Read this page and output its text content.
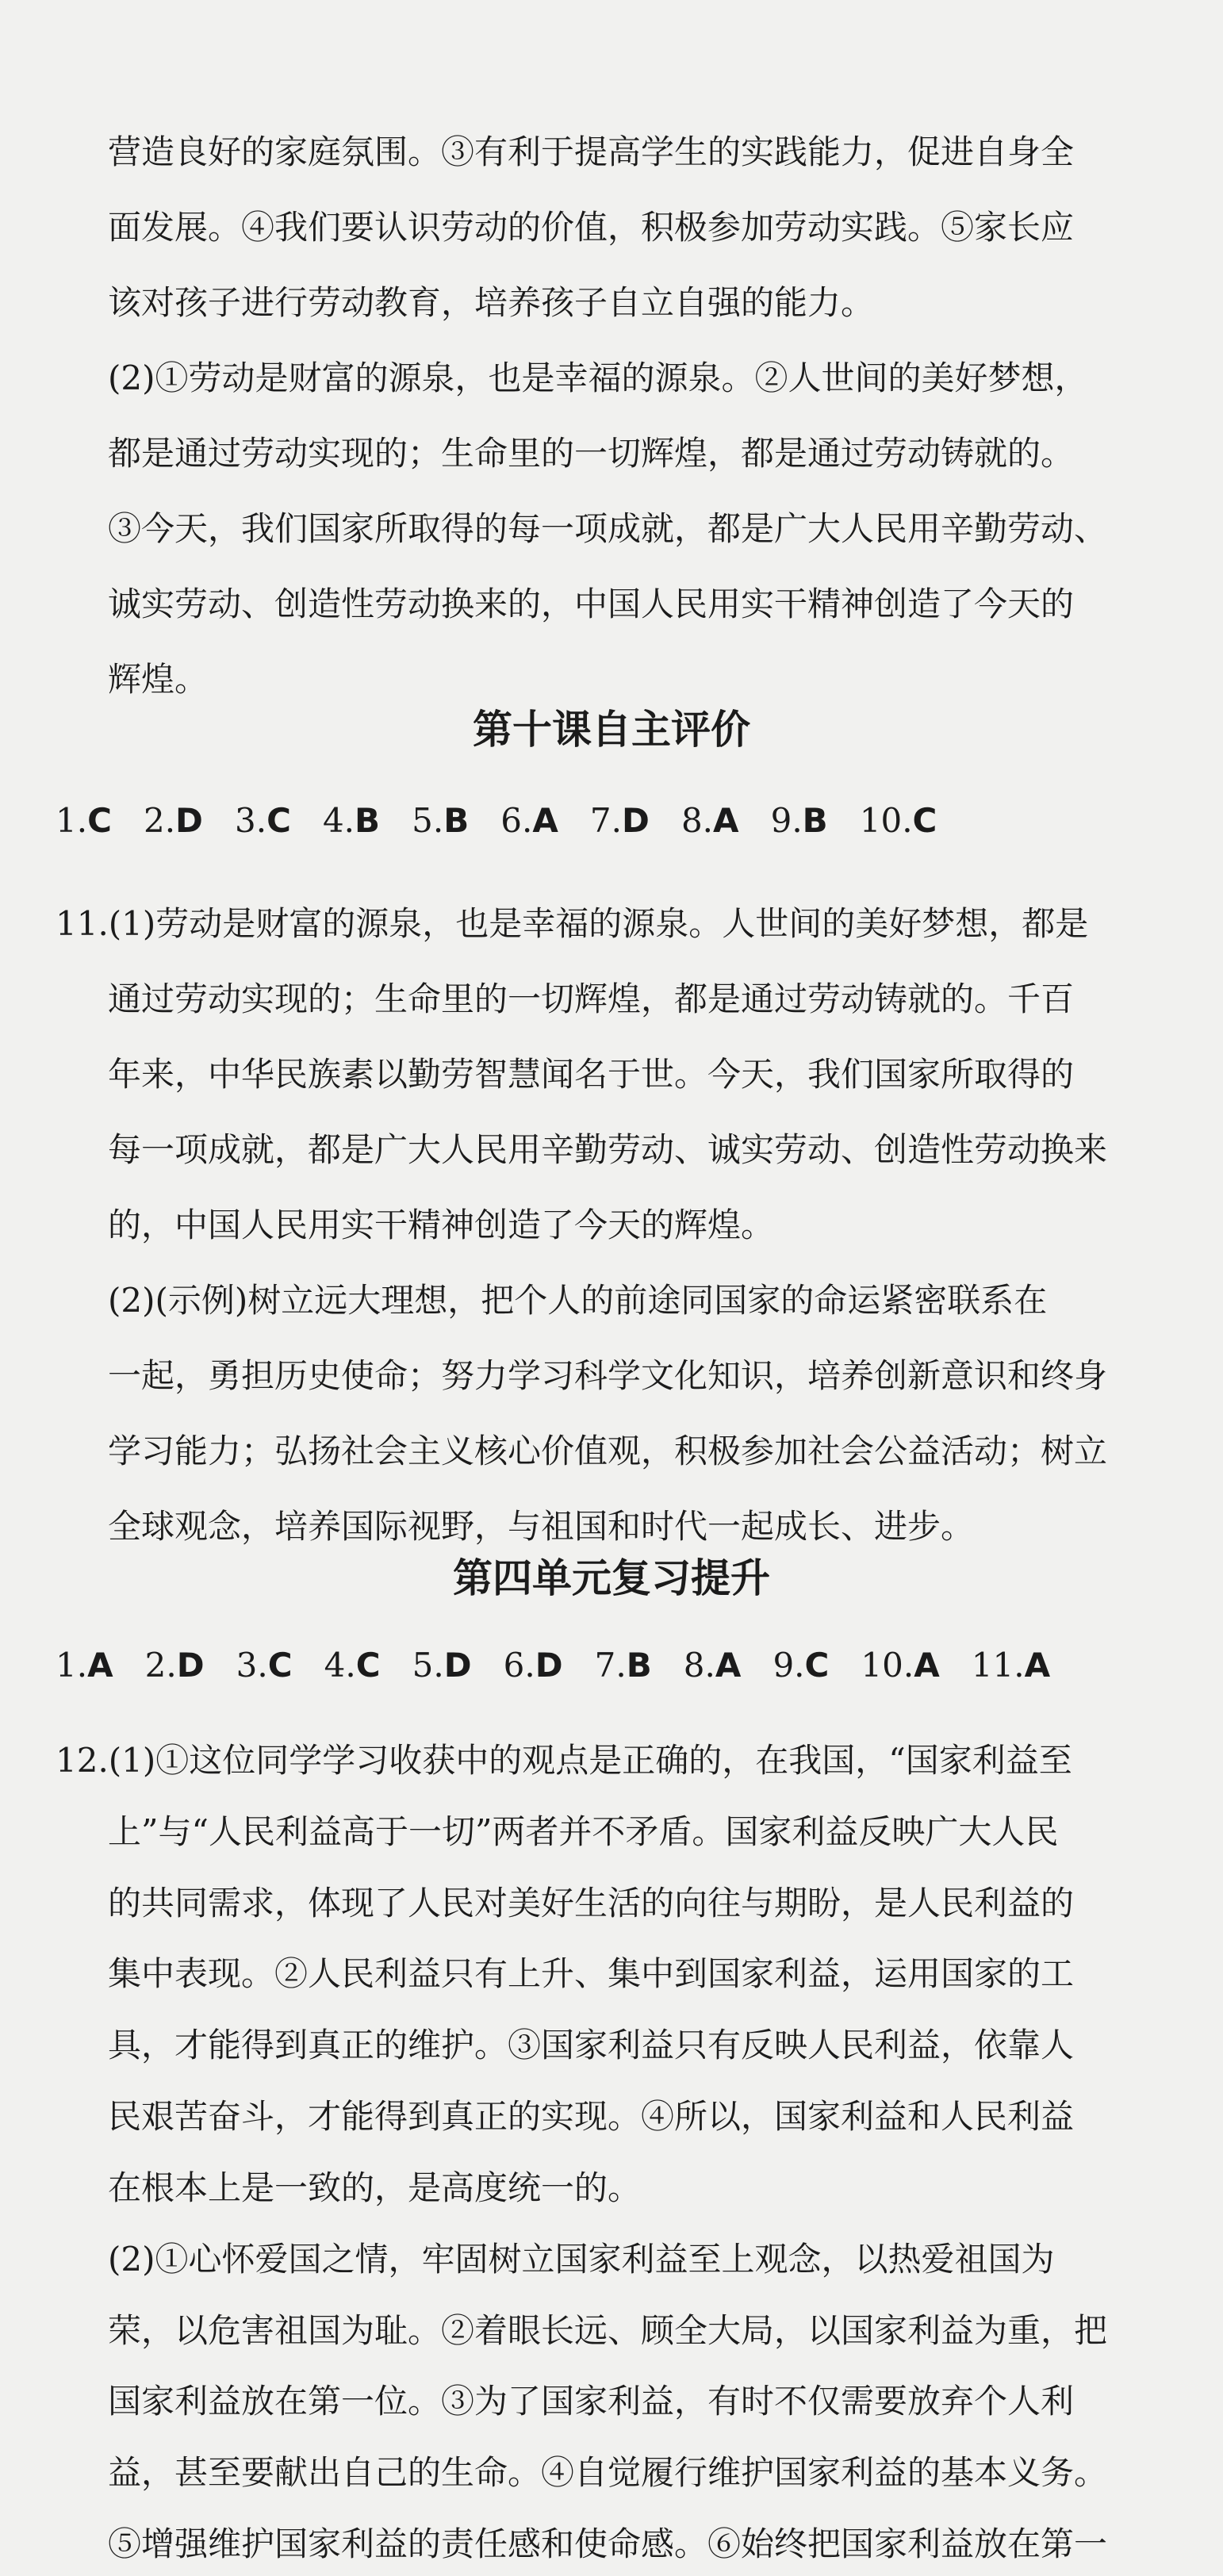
营造良好的家庭氛围。③有利于提高学生的实践能力，促进自身全
面发展。④我们要认识劳动的价值，积极参加劳动实践。⑤家长应
该对孩子进行劳动教育，培养孩子自立自强的能力。
(2)①劳动是财富的源泉，也是幸福的源泉。②人世间的美好梦想，
都是通过劳动实现的；生命里的一切辉煌，都是通过劳动铸就的。
③今天，我们国家所取得的每一项成就，都是广大人民用辛勤劳动、
诚实劳动、创造性劳动换来的，中国人民用实干精神创造了今天的
辉煌。
第十课自主评价
1.C 2.D 3.C 4.B 5.B 6.A 7.D 8.A 9.B 10.C
11.(1)劳动是财富的源泉，也是幸福的源泉。人世间的美好梦想，都是
通过劳动实现的；生命里的一切辉煌，都是通过劳动铸就的。千百
年来，中华民族素以勤劳智慧闻名于世。今天，我们国家所取得的
每一项成就，都是广大人民用辛勤劳动、诚实劳动、创造性劳动换来
的，中国人民用实干精神创造了今天的辉煌。
(2)(示例)树立远大理想，把个人的前途同国家的命运紧密联系在
一起，勇担历史使命；努力学习科学文化知识，培养创新意识和终身
学习能力；弘扬社会主义核心价值观，积极参加社会公益活动；树立
全球观念，培养国际视野，与祖国和时代一起成长、进步。
第四单元复习提升
1.A 2.D 3.C 4.C 5.D 6.D 7.B 8.A 9.C 10.A 11.A
12.(1)①这位同学学习收获中的观点是正确的，在我国，“国家利益至
上”与“人民利益高于一切”两者并不矛盾。国家利益反映广大人民
的共同需求，体现了人民对美好生活的向往与期盼，是人民利益的
集中表现。②人民利益只有上升、集中到国家利益，运用国家的工
具，才能得到真正的维护。③国家利益只有反映人民利益，依靠人
民艰苦奋斗，才能得到真正的实现。④所以，国家利益和人民利益
在根本上是一致的，是高度统一的。
(2)①心怀爱国之情，牢固树立国家利益至上观念，以热爱祖国为
荣，以危害祖国为耻。②着眼长远、顾全大局，以国家利益为重，把
国家利益放在第一位。③为了国家利益，有时不仅需要放弃个人利
益，甚至要献出自己的生命。④自觉履行维护国家利益的基本义务。
⑤增强维护国家利益的责任感和使命感。⑥始终把国家利益放在第一
